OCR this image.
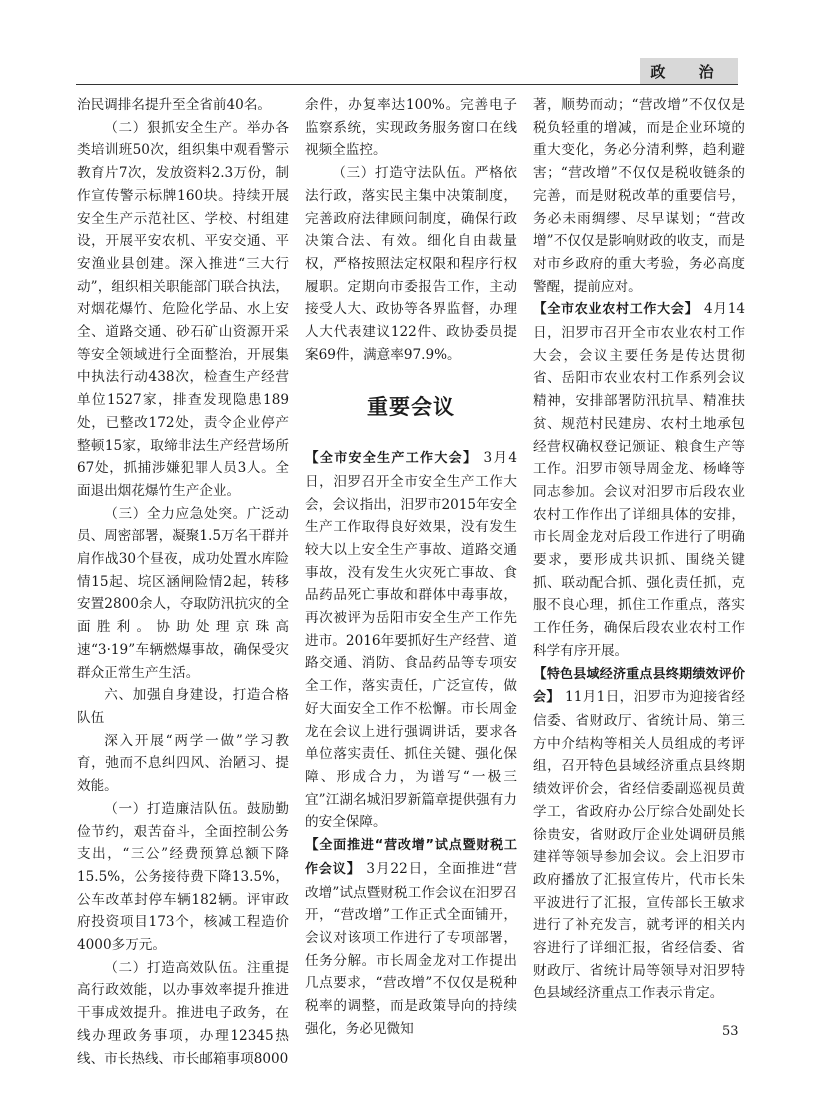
政 治

治民调排名提升至全省前40名。

（二）狠抓安全生产。举办各类培训班50次，组织集中观看警示教育片7次，发放资料2.3万份，制作宣传警示标牌160块。持续开展安全生产示范社区、学校、村组建设，开展平安农机、平安交通、平安渔业县创建。深入推进“三大行动”，组织相关职能部门联合执法，对烟花爆竹、危险化学品、水上安全、道路交通、砂石矿山资源开采等安全领域进行全面整治，开展集中执法行动438次，检查生产经营单位1527家，排查发现隐患189处，已整改172处，责令企业停产整顿15家，取缔非法生产经营场所67处，抓捕涉嫌犯罪人员3人。全面退出烟花爆竹生产企业。

（三）全力应急处突。广泛动员、周密部署，凝聚1.5万名干群并肩作战30个昼夜，成功处置水库险情15起、垸区涵闸险情2起，转移安置2800余人，夺取防汛抗灾的全面胜利。协助处理京珠高速“3·19”车辆燃爆事故，确保受灾群众正常生产生活。

六、加强自身建设，打造合格队伍

深入开展“两学一做”学习教育，弛而不息纠四风、治陋习、提效能。

（一）打造廉洁队伍。鼓励勤俭节约，艰苦奋斗，全面控制公务支出，“三公”经费预算总额下降15.5%，公务接待费下降13.5%，公车改革封停车辆182辆。评审政府投资项目173个，核减工程造价4000多万元。

（二）打造高效队伍。注重提高行政效能，以办事效率提升推进干事成效提升。推进电子政务，在线办理政务事项，办理12345热线、市长热线、市长邮箱事项8000

余件，办复率达100%。完善电子监察系统，实现政务服务窗口在线视频全监控。

（三）打造守法队伍。严格依法行政，落实民主集中决策制度，完善政府法律顾问制度，确保行政决策合法、有效。细化自由裁量权，严格按照法定权限和程序行权履职。定期向市委报告工作，主动接受人大、政协等各界监督，办理人大代表建议122件、政协委员提案69件，满意率97.9%。

重要会议

【全市安全生产工作大会】 3月4日，汨罗召开全市安全生产工作大会，会议指出，汨罗市2015年安全生产工作取得良好效果，没有发生较大以上安全生产事故、道路交通事故，没有发生火灾死亡事故、食品药品死亡事故和群体中毒事故，再次被评为岳阳市安全生产工作先进市。2016年要抓好生产经营、道路交通、消防、食品药品等专项安全工作，落实责任，广泛宣传，做好大面安全工作不松懈。市长周金龙在会议上进行强调讲话，要求各单位落实责任、抓住关键、强化保障、形成合力，为谱写“一极三宜”江湖名城汨罗新篇章提供强有力的安全保障。

【全面推进“营改增”试点暨财税工作会议】 3月22日，全面推进“营改增”试点暨财税工作会议在汨罗召开，“营改增”工作正式全面铺开，会议对该项工作进行了专项部署，任务分解。市长周金龙对工作提出几点要求，“营改增”不仅仅是税种税率的调整，而是政策导向的持续强化，务必见微知

著，顺势而动；“营改增”不仅仅是税负轻重的增减，而是企业环境的重大变化，务必分清利弊，趋利避害；“营改增”不仅仅是税收链条的完善，而是财税改革的重要信号，务必未雨绸缪、尽早谋划；“营改增”不仅仅是影响财政的收支，而是对市乡政府的重大考验，务必高度警醒，提前应对。

【全市农业农村工作大会】 4月14日，汨罗市召开全市农业农村工作大会，会议主要任务是传达贯彻省、岳阳市农业农村工作系列会议精神，安排部署防汛抗旱、精准扶贫、规范村民建房、农村土地承包经营权确权登记颁证、粮食生产等工作。汨罗市领导周金龙、杨峰等同志参加。会议对汨罗市后段农业农村工作作出了详细具体的安排，市长周金龙对后段工作进行了明确要求，要形成共识抓、围绕关键抓、联动配合抓、强化责任抓，克服不良心理，抓住工作重点，落实工作任务，确保后段农业农村工作科学有序开展。

【特色县域经济重点县终期绩效评价会】 11月1日，汨罗市为迎接省经信委、省财政厅、省统计局、第三方中介结构等相关人员组成的考评组，召开特色县域经济重点县终期绩效评价会，省经信委副巡视员黄学工，省政府办公厅综合处副处长徐贵安，省财政厅企业处调研员熊建祥等领导参加会议。会上汨罗市政府播放了汇报宣传片，代市长朱平波进行了汇报，宣传部长王敏求进行了补充发言，就考评的相关内容进行了详细汇报，省经信委、省财政厅、省统计局等领导对汨罗特色县域经济重点工作表示肯定。

53
